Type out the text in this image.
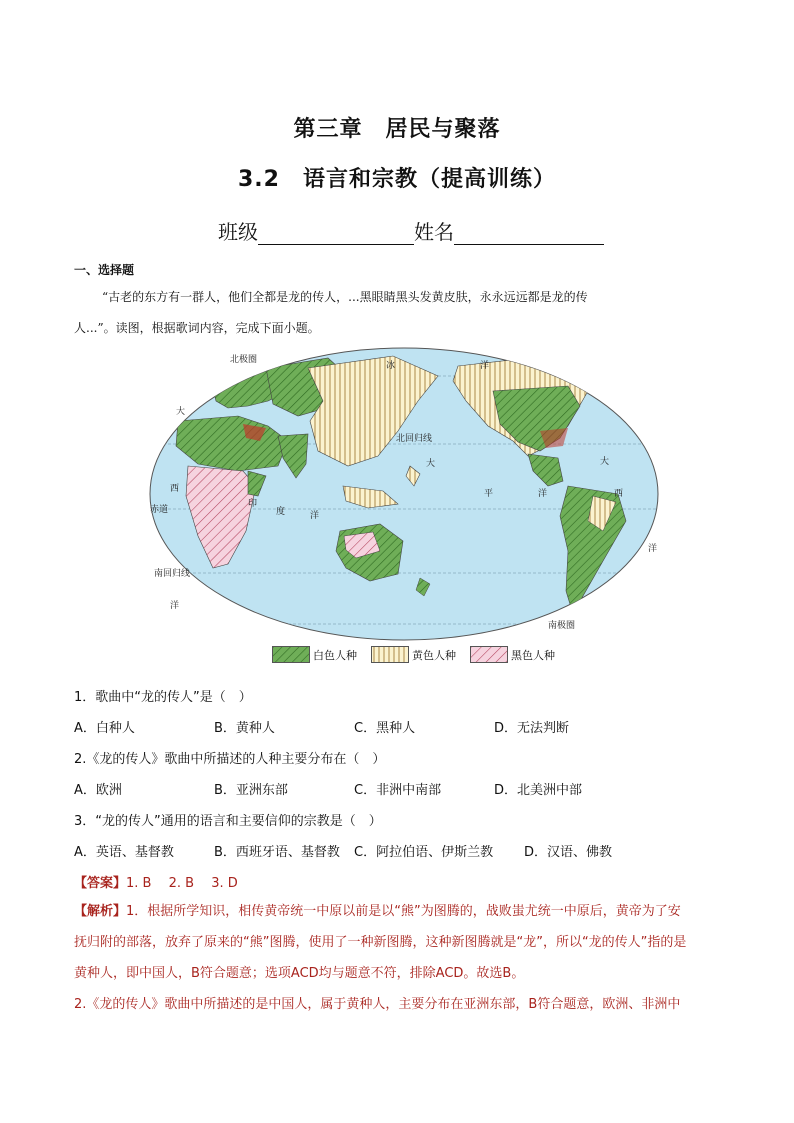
第三章　居民与聚落
3.2　语言和宗教（提高训练）
班级	姓名
一、选择题

“古老的东方有一群人，他们全都是龙的传人，...黑眼睛黑头发黄皮肤，永永远远都是龙的传

人...”。读图，根据歌词内容，完成下面小题。
北极圈
冰	洋
大
西
印
度	洋
赤道
北回归线
南回归线
大
平	洋	西
洋
大
洋
南极圈
白色人种	黄色人种	黑色人种
1．歌曲中“龙的传人”是（　）
A．白种人	B．黄种人	C．黑种人	D．无法判断
2.《龙的传人》歌曲中所描述的人种主要分布在（　）
A．欧洲	B．亚洲东部	C．非洲中南部	D．北美洲中部
3．“龙的传人”通用的语言和主要信仰的宗教是（　）
A．英语、基督教	B．西班牙语、基督教	C．阿拉伯语、伊斯兰教	D．汉语、佛教
【答案】1. B　 2. B　 3. D

【解析】1．根据所学知识，相传黄帝统一中原以前是以“熊”为图腾的，战败蚩尤统一中原后，黄帝为了安

抚归附的部落，放弃了原来的“熊”图腾，使用了一种新图腾，这种新图腾就是“龙”，所以“龙的传人”指的是

黄种人，即中国人，B符合题意；选项ACD均与题意不符，排除ACD。故选B。

2.《龙的传人》歌曲中所描述的是中国人，属于黄种人，主要分布在亚洲东部，B符合题意，欧洲、非洲中
